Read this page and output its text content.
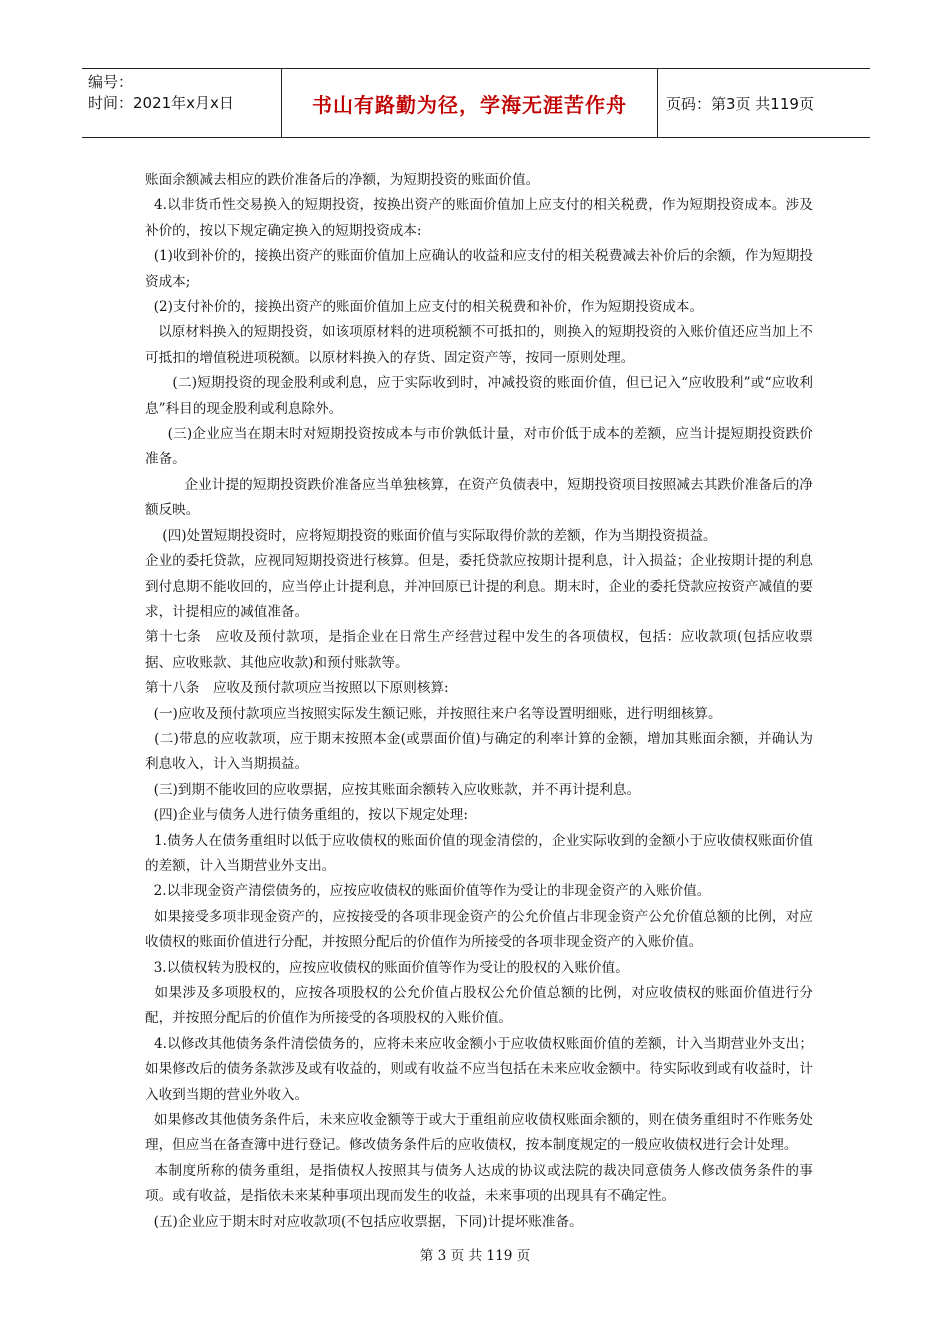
编号：
时间：2021年x月x日	书山有路勤为径，学海无涯苦作舟	页码：第3页 共119页

账面余额减去相应的跌价准备后的净额，为短期投资的账面价值。

4.以非货币性交易换入的短期投资，按换出资产的账面价值加上应支付的相关税费，作为短期投资成本。涉及补价的，按以下规定确定换入的短期投资成本:

(1)收到补价的，接换出资产的账面价值加上应确认的收益和应支付的相关税费减去补价后的余额，作为短期投资成本;

(2)支付补价的，接换出资产的账面价值加上应支付的相关税费和补价，作为短期投资成本。

以原材料换入的短期投资，如该项原材料的进项税额不可抵扣的，则换入的短期投资的入账价值还应当加上不可抵扣的增值税进项税额。以原材料换入的存货、固定资产等，按同一原则处理。

(二)短期投资的现金股利或利息，应于实际收到时，冲减投资的账面价值，但已记入“应收股利”或“应收利息”科目的现金股利或利息除外。

(三)企业应当在期末时对短期投资按成本与市价孰低计量，对市价低于成本的差额，应当计提短期投资跌价准备。

企业计提的短期投资跌价准备应当单独核算，在资产负债表中，短期投资项目按照减去其跌价准备后的净额反映。

(四)处置短期投资时，应将短期投资的账面价值与实际取得价款的差额，作为当期投资损益。

企业的委托贷款，应视同短期投资进行核算。但是，委托贷款应按期计提利息，计入损益；企业按期计提的利息到付息期不能收回的，应当停止计提利息，并冲回原已计提的利息。期末时，企业的委托贷款应按资产减值的要求，计提相应的减值准备。

第十七条　应收及预付款项，是指企业在日常生产经营过程中发生的各项债权，包括：应收款项(包括应收票据、应收账款、其他应收款)和预付账款等。

第十八条　应收及预付款项应当按照以下原则核算:

(一)应收及预付款项应当按照实际发生额记账，并按照往来户名等设置明细账，进行明细核算。

(二)带息的应收款项，应于期末按照本金(或票面价值)与确定的利率计算的金额，增加其账面余额，并确认为利息收入，计入当期损益。

(三)到期不能收回的应收票据，应按其账面余额转入应收账款，并不再计提利息。

(四)企业与债务人进行债务重组的，按以下规定处理:

1.债务人在债务重组时以低于应收债权的账面价值的现金清偿的，企业实际收到的金额小于应收债权账面价值的差额，计入当期营业外支出。

2.以非现金资产清偿债务的，应按应收债权的账面价值等作为受让的非现金资产的入账价值。

如果接受多项非现金资产的，应按接受的各项非现金资产的公允价值占非现金资产公允价值总额的比例，对应收债权的账面价值进行分配，并按照分配后的价值作为所接受的各项非现金资产的入账价值。

3.以债权转为股权的，应按应收债权的账面价值等作为受让的股权的入账价值。

如果涉及多项股权的，应按各项股权的公允价值占股权公允价值总额的比例，对应收债权的账面价值进行分配，并按照分配后的价值作为所接受的各项股权的入账价值。

4.以修改其他债务条件清偿债务的，应将未来应收金额小于应收债权账面价值的差额，计入当期营业外支出；如果修改后的债务条款涉及或有收益的，则或有收益不应当包括在未来应收金额中。待实际收到或有收益时，计入收到当期的营业外收入。

如果修改其他债务条件后，未来应收金额等于或大于重组前应收债权账面余额的，则在债务重组时不作账务处理，但应当在备查簿中进行登记。修改债务条件后的应收债权，按本制度规定的一般应收债权进行会计处理。

本制度所称的债务重组，是指债权人按照其与债务人达成的协议或法院的裁决同意债务人修改债务条件的事项。或有收益，是指依未来某种事项出现而发生的收益，未来事项的出现具有不确定性。

(五)企业应于期末时对应收款项(不包括应收票据，下同)计提坏账准备。

第 3 页 共 119 页
